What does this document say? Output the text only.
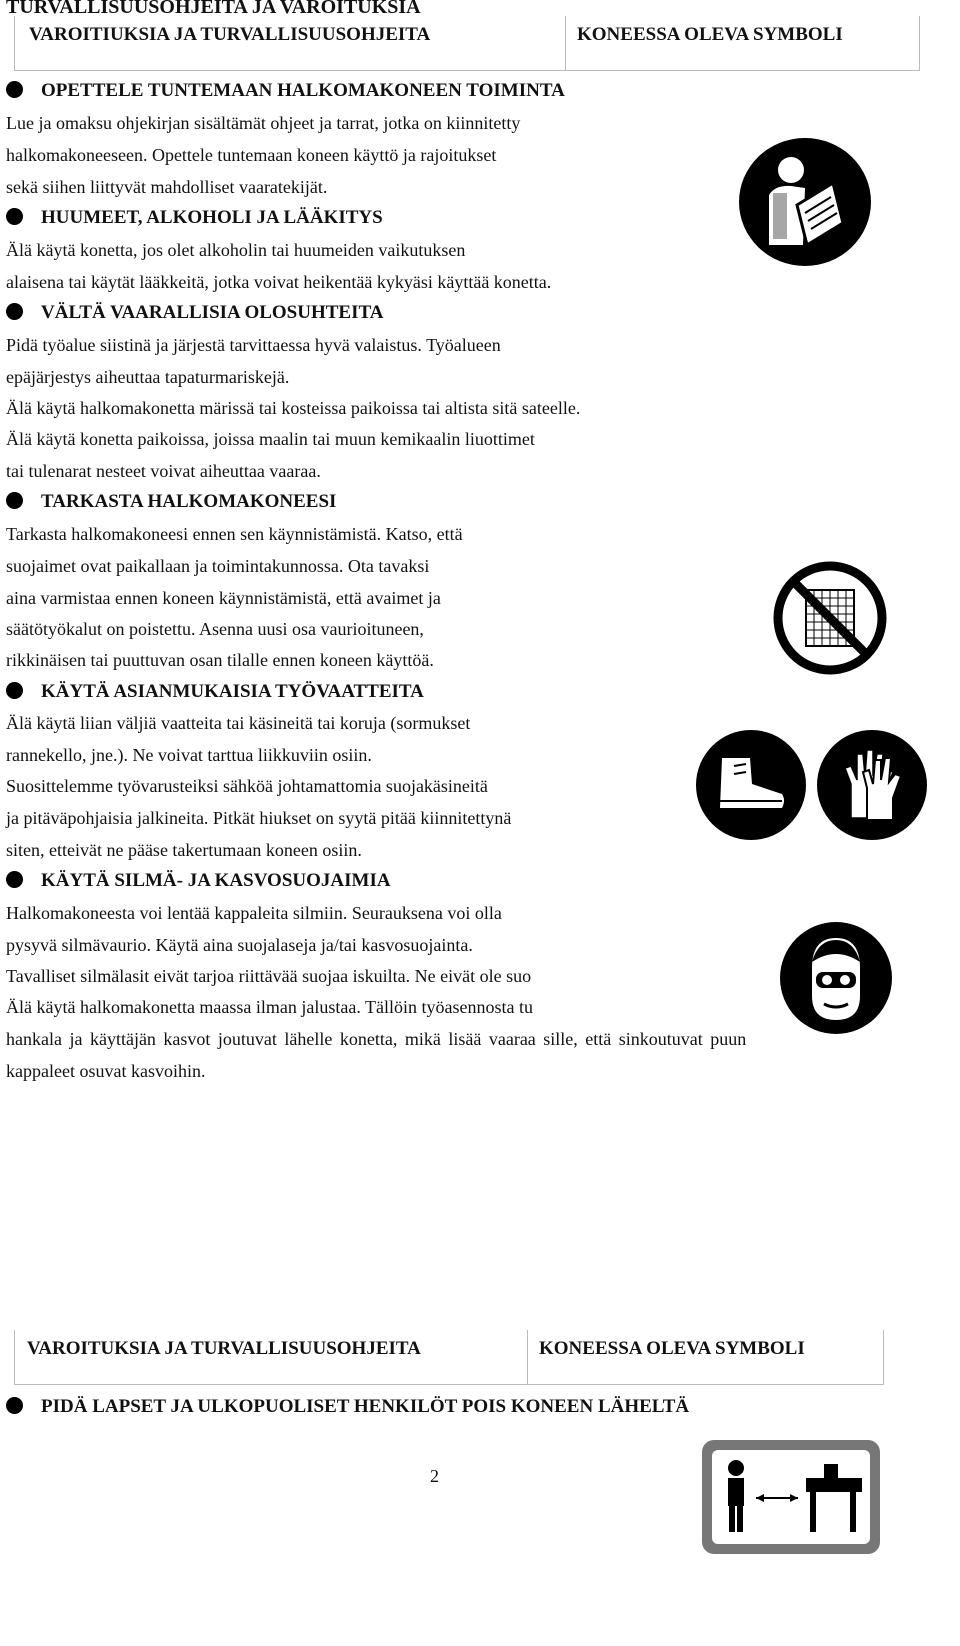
TURVALLISUUSOHJEITA JA VAROITUKSIA
VAROITIUKSIA JA TURVALLISUUSOHJEITA	KONEESSA OLEVA SYMBOLI
OPETTELE TUNTEMAAN HALKOMAKONEEN TOIMINTA
Lue ja omaksu ohjekirjan sisältämät ohjeet ja tarrat, jotka on kiinnitetty
halkomakoneeseen. Opettele tuntemaan koneen käyttö ja rajoitukset
sekä siihen liittyvät mahdolliset vaaratekijät.
HUUMEET, ALKOHOLI JA LÄÄKITYS
Älä käytä konetta, jos olet alkoholin tai huumeiden vaikutuksen
alaisena tai käytät lääkkeitä, jotka voivat heikentää kykyäsi käyttää konetta.
VÄLTÄ VAARALLISIA OLOSUHTEITA
Pidä työalue siistinä ja järjestä tarvittaessa hyvä valaistus. Työalueen
epäjärjestys aiheuttaa tapaturmariskejä.
Älä käytä halkomakonetta märissä tai kosteissa paikoissa tai altista sitä sateelle.
Älä käytä konetta paikoissa, joissa maalin tai muun kemikaalin liuottimet
tai tulenarat nesteet voivat aiheuttaa vaaraa.
TARKASTA HALKOMAKONEESI
Tarkasta halkomakoneesi ennen sen käynnistämistä. Katso, että
suojaimet ovat paikallaan ja toimintakunnossa. Ota tavaksi
aina varmistaa ennen koneen käynnistämistä, että avaimet ja
säätötyökalut on poistettu. Asenna uusi osa vaurioituneen,
rikkinäisen tai puuttuvan osan tilalle ennen koneen käyttöä.
KÄYTÄ ASIANMUKAISIA TYÖVAATTEITA
Älä käytä liian väljiä vaatteita tai käsineitä tai koruja (sormukset
rannekello, jne.). Ne voivat tarttua liikkuviin osiin.
Suosittelemme työvarusteiksi sähköä johtamattomia suojakäsineitä
ja pitäväpohjaisia jalkineita. Pitkät hiukset on syytä pitää kiinnitettynä
siten, etteivät ne pääse takertumaan koneen osiin.
KÄYTÄ SILMÄ- JA KASVOSUOJAIMIA
Halkomakoneesta voi lentää kappaleita silmiin. Seurauksena voi olla
pysyvä silmävaurio. Käytä aina suojalaseja ja/tai kasvosuojainta.
Tavalliset silmälasit eivät tarjoa riittävää suojaa iskuilta. Ne eivät ole suo
Älä käytä halkomakonetta maassa ilman jalustaa. Tällöin työasennosta tu
hankala ja käyttäjän kasvot joutuvat lähelle konetta, mikä lisää vaaraa sille, että sinkoutuvat puun
kappaleet osuvat kasvoihin.
2
VAROITUKSIA JA TURVALLISUUSOHJEITA	KONEESSA OLEVA SYMBOLI
PIDÄ LAPSET JA ULKOPUOLISET HENKILÖT POIS KONEEN LÄHELTÄ
